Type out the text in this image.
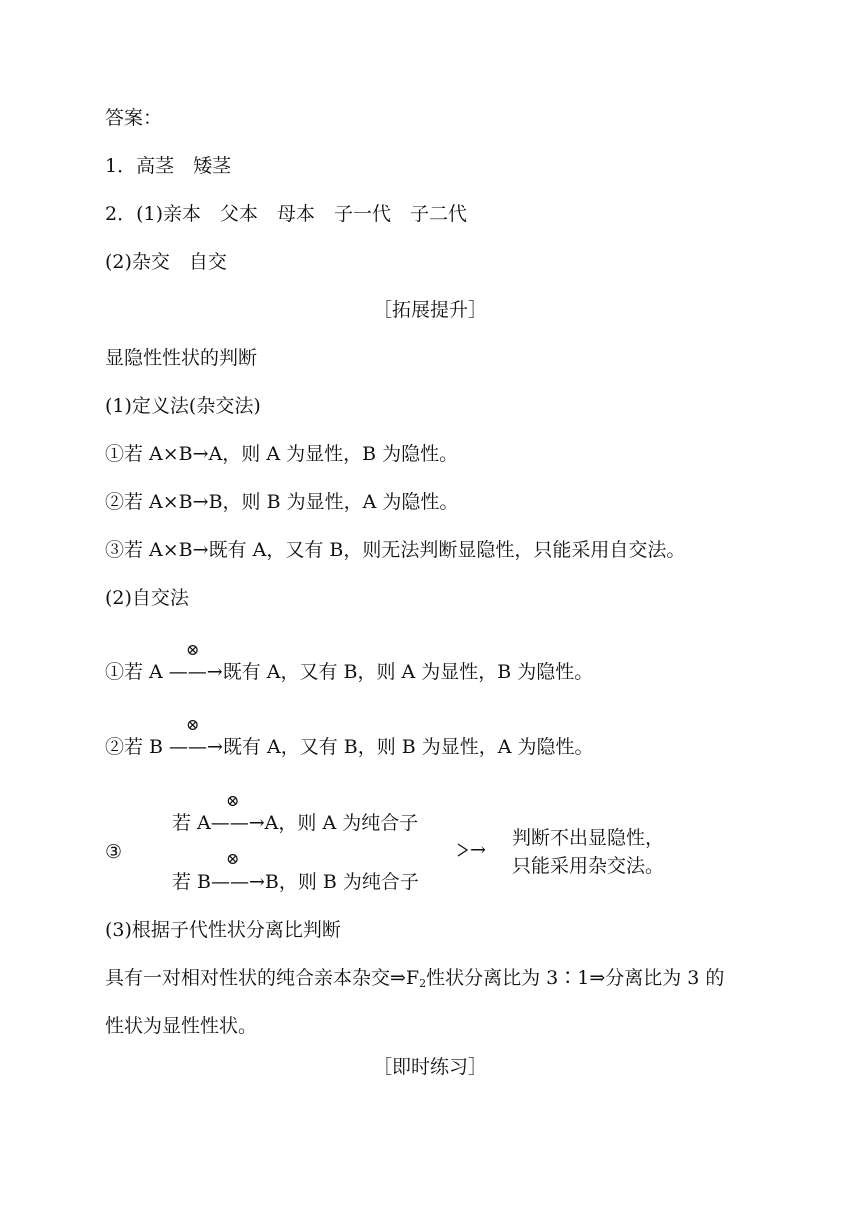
答案：
1．高茎　矮茎
2．(1)亲本　父本　母本　子一代　子二代
(2)杂交　自交
［拓展提升］
显隐性性状的判断
(1)定义法(杂交法)
①若 A×B→A，则 A 为显性，B 为隐性。
②若 A×B→B，则 B 为显性，A 为隐性。
③若 A×B→既有 A，又有 B，则无法判断显隐性，只能采用自交法。
(2)自交法
⊗
①若 A ——→既有 A，又有 B，则 A 为显性，B 为隐性。
⊗
②若 B ——→既有 A，又有 B，则 B 为显性，A 为隐性。
⊗
若 A——→A，则 A 为纯合子
③	⊗
若 B——→B，则 B 为纯合子
→
判断不出显隐性，
只能采用杂交法。
(3)根据子代性状分离比判断
具有一对相对性状的纯合亲本杂交$\Rightarrow F_2$性状分离比为 3∶1⇒分离比为 3 的
性状为显性性状。
［即时练习］
